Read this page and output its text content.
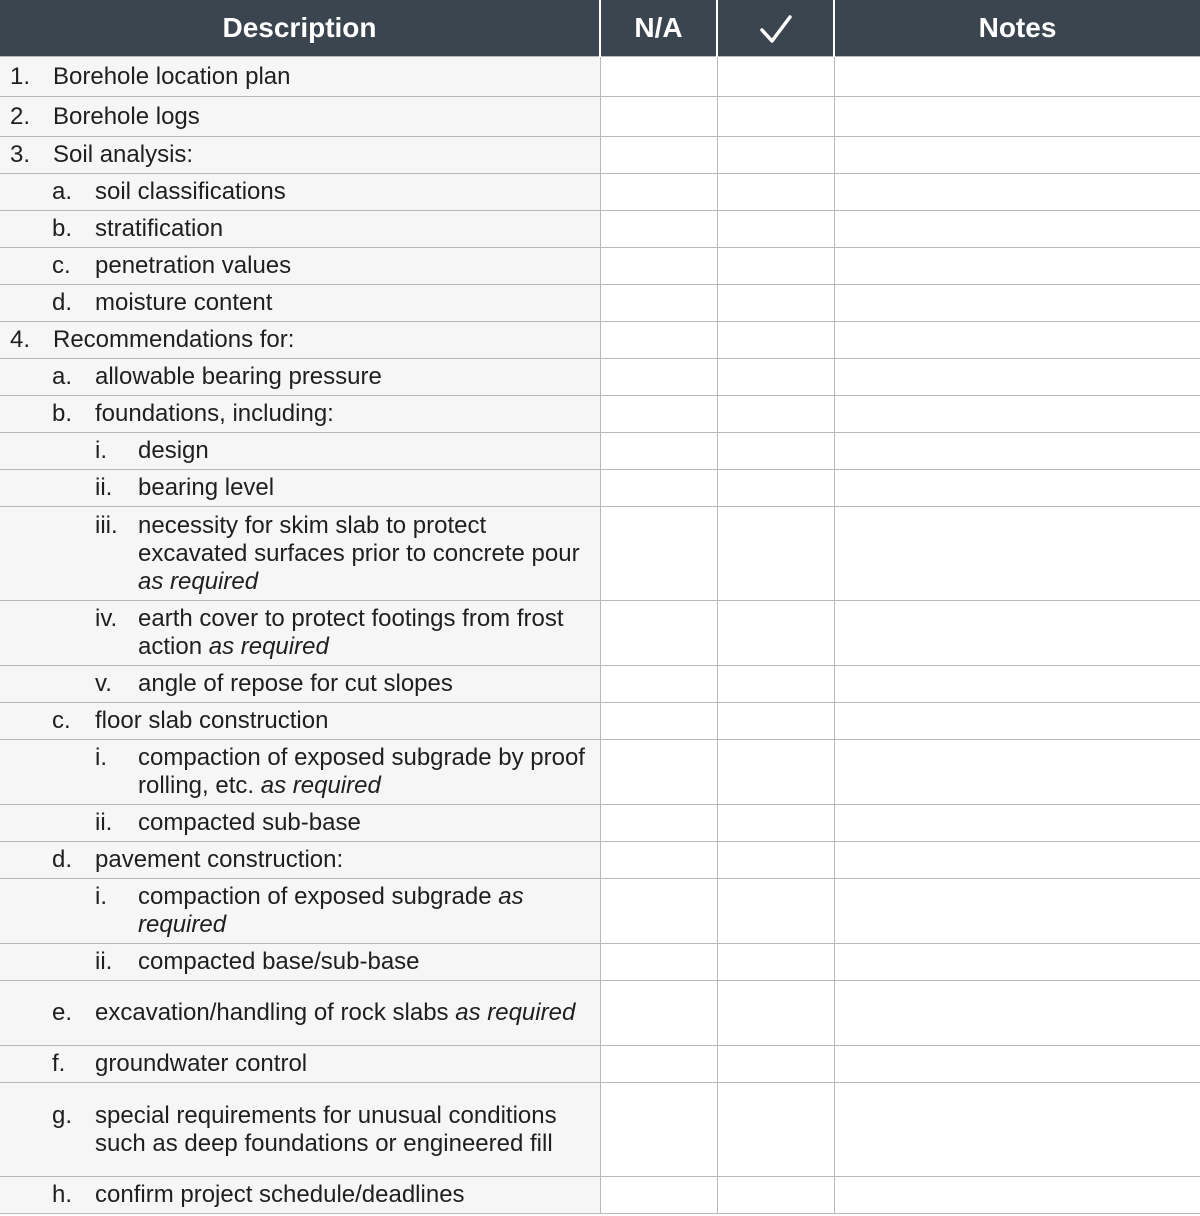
Description	N/A		Notes

1. Borehole location plan			

2. Borehole logs			

3. Soil analysis:			

a. soil classifications			

b. stratification			

c. penetration values			

d. moisture content			

4. Recommendations for:			

a. allowable bearing pressure			

b. foundations, including:			

i. design			

ii. bearing level			

iii. necessity for skim slab to protect excavated surfaces prior to concrete pour as required			

iv. earth cover to protect footings from frost action as required			

v. angle of repose for cut slopes			

c. floor slab construction			

i. compaction of exposed subgrade by proof rolling, etc. as required			

ii. compacted sub-base			

d. pavement construction:			

i. compaction of exposed subgrade as required			

ii. compacted base/sub-base			

e. excavation/handling of rock slabs as required			

f. groundwater control			

g. special requirements for unusual conditions such as deep foundations or engineered fill			

h. confirm project schedule/deadlines			
